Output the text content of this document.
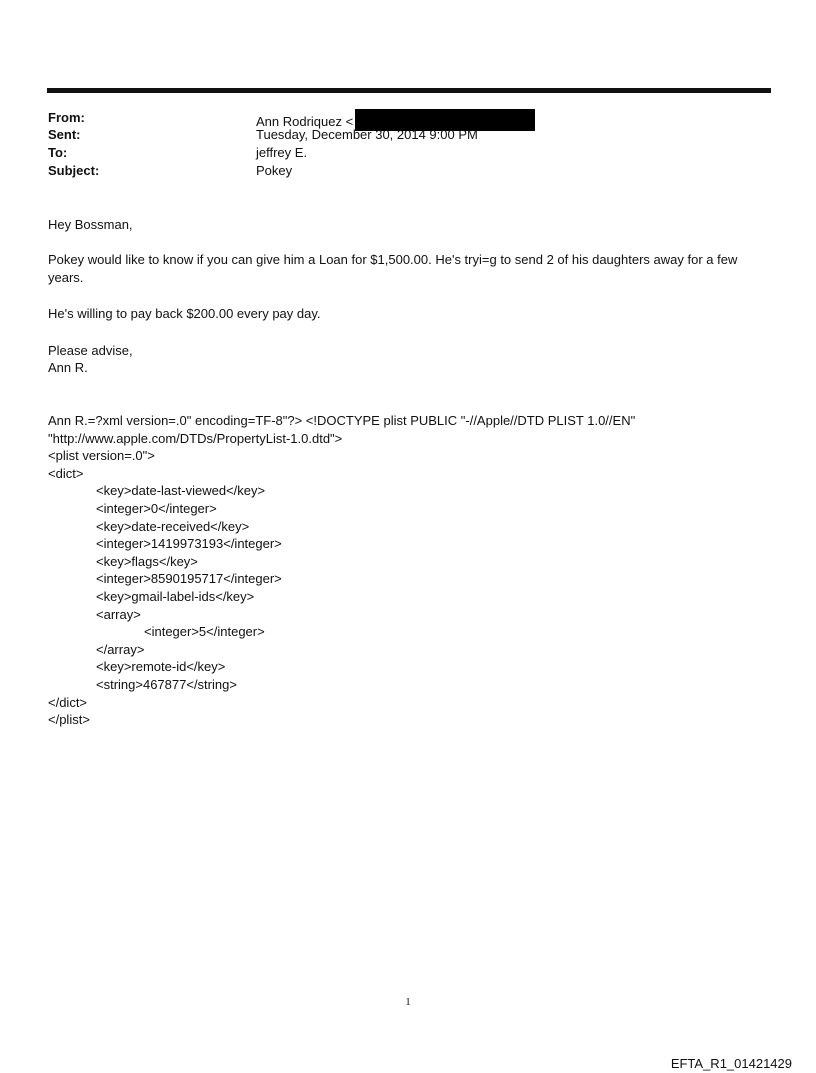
From:	Ann Rodriquez <
Sent:	Tuesday, December 30, 2014 9:00 PM
To:	jeffrey E.
Subject:	Pokey
Hey Bossman,
Pokey would like to know if you can give him a Loan for $1,500.00. He's tryi=g to send 2 of his daughters away for a few years.
He's willing to pay back $200.00 every pay day.
Please advise,
Ann R.
Ann R.=?xml version=.0" encoding=TF-8"?> <!DOCTYPE plist PUBLIC "-//Apple//DTD PLIST 1.0//EN"
"http://www.apple.com/DTDs/PropertyList-1.0.dtd">
<plist version=.0">
<dict>
<key>date-last-viewed</key>
<integer>0</integer>
<key>date-received</key>
<integer>1419973193</integer>
<key>flags</key>
<integer>8590195717</integer>
<key>gmail-label-ids</key>
<array>
<integer>5</integer>
</array>
<key>remote-id</key>
<string>467877</string>
</dict>
</plist>
1
EFTA_R1_01421429
